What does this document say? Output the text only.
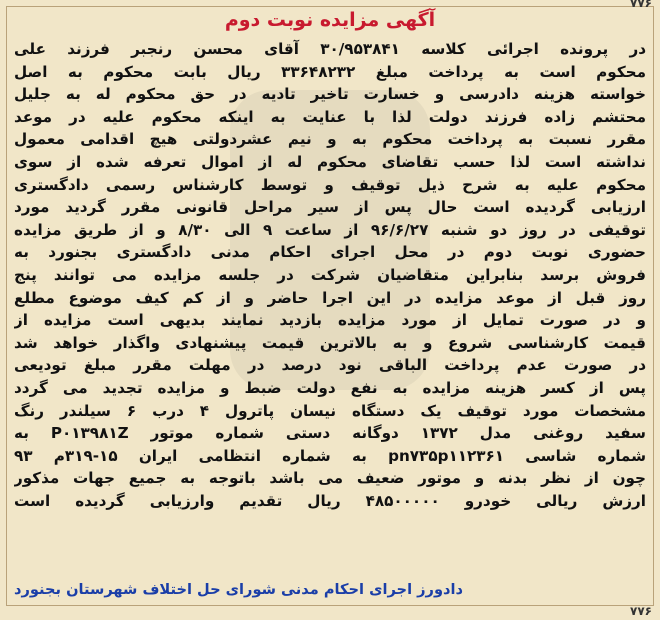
۷۷۶
آگهی مزایده نوبت دوم
در پرونده اجرائی کلاسه ۳۰/۹۵۳۸۴۱ آقای محسن رنجبر فرزند علی
محکوم است به پرداخت مبلغ ۳۳۶۴۸۲۳۲ ریال بابت محکوم به اصل
خواسته هزینه دادرسی و خسارت تاخیر تادیه در حق محکوم له به جلیل
محتشم زاده فرزند دولت لذا با عنایت به اینکه محکوم علیه در موعد
مقرر نسبت به پرداخت محکوم به و نیم عشردولتی هیچ اقدامی معمول
نداشته است لذا حسب تقاضای محکوم له از اموال تعرفه شده از سوی
محکوم علیه به شرح ذیل توقیف و توسط کارشناس رسمی دادگستری
ارزیابی گردیده است حال پس از سیر مراحل قانونی مقرر گردید مورد
توقیفی در روز دو شنبه ۹۶/۶/۲۷ از ساعت ۹ الی ۸/۳۰ و از طریق مزایده
حضوری نوبت دوم در محل اجرای احکام مدنی دادگستری بجنورد به
فروش برسد بنابراین متقاضیان شرکت در جلسه مزایده می توانند پنج
روز قبل از موعد مزایده در این اجرا حاضر و از کم کیف موضوع مطلع
و در صورت تمایل از مورد مزایده بازدید نمایند بدیهی است مزایده از
قیمت کارشناسی شروع و به بالاترین قیمت پیشنهادی واگذار خواهد شد
در صورت عدم پرداخت الباقی نود درصد در مهلت مقرر مبلغ تودیعی
پس از کسر هزینه مزایده به نفع دولت ضبط و مزایده تجدید می گردد
مشخصات مورد توقیف یک دستگاه نیسان پاترول ۴ درب ۶ سیلندر رنگ
سفید روغنی مدل ۱۳۷۲ دوگانه دستی شماره موتور P۰۱۳۹۸۱Z به
شماره شاسی pn۷۳۵p۱۱۲۳۶۱ به شماره انتظامی ایران ۱۵-۳۱۹م ۹۳
چون از نظر بدنه و موتور ضعیف می باشد باتوجه به جمیع جهات مذکور
ارزش ریالی خودرو ۴۸۵۰۰۰۰۰ ریال تقدیم وارزیابی گردیده است
دادورز اجرای احکام مدنی شورای حل اختلاف شهرستان بجنورد
۷۷۶
